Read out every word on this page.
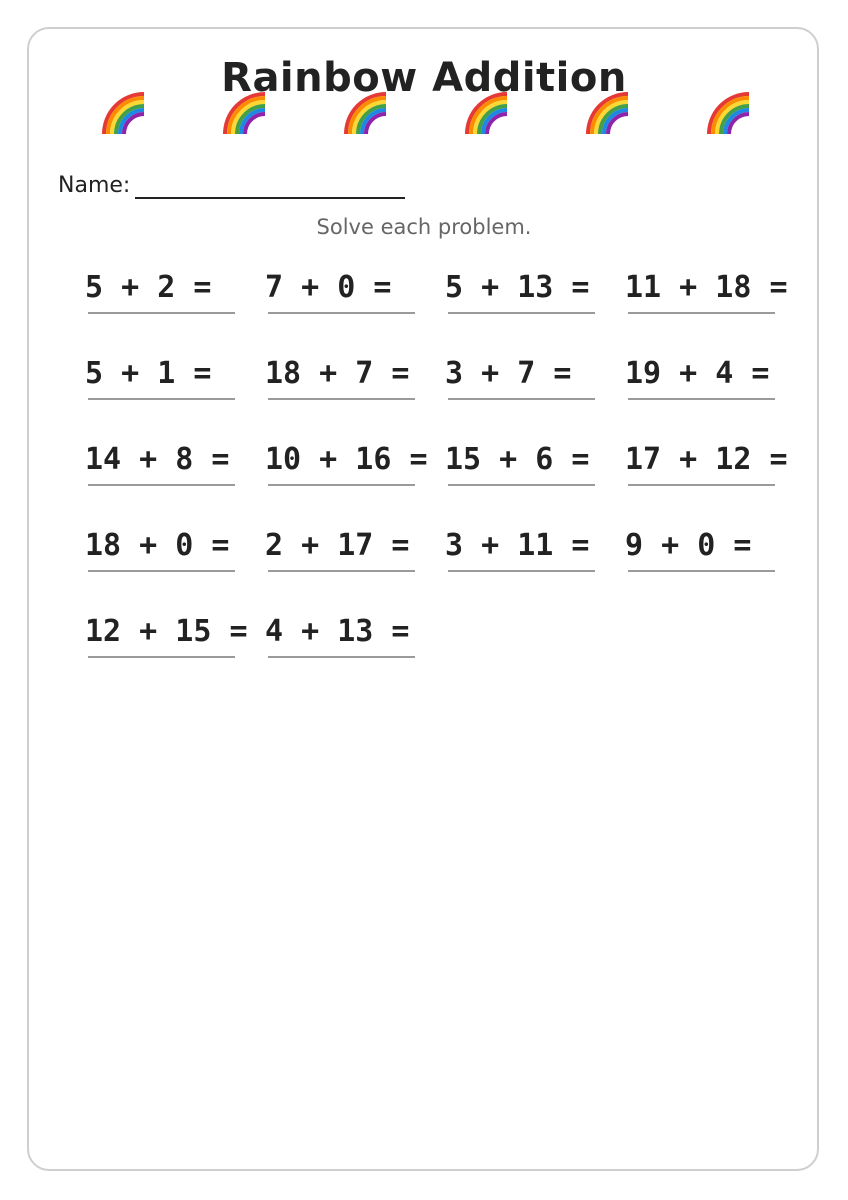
Rainbow Addition
Name:
Solve each problem.
5 + 2 = 7 + 0 = 5 + 13 = 11 + 18 =
5 + 1 = 18 + 7 = 3 + 7 = 19 + 4 =
14 + 8 = 10 + 16 = 15 + 6 = 17 + 12 =
18 + 0 = 2 + 17 = 3 + 11 = 9 + 0 =
12 + 15 = 4 + 13 =
